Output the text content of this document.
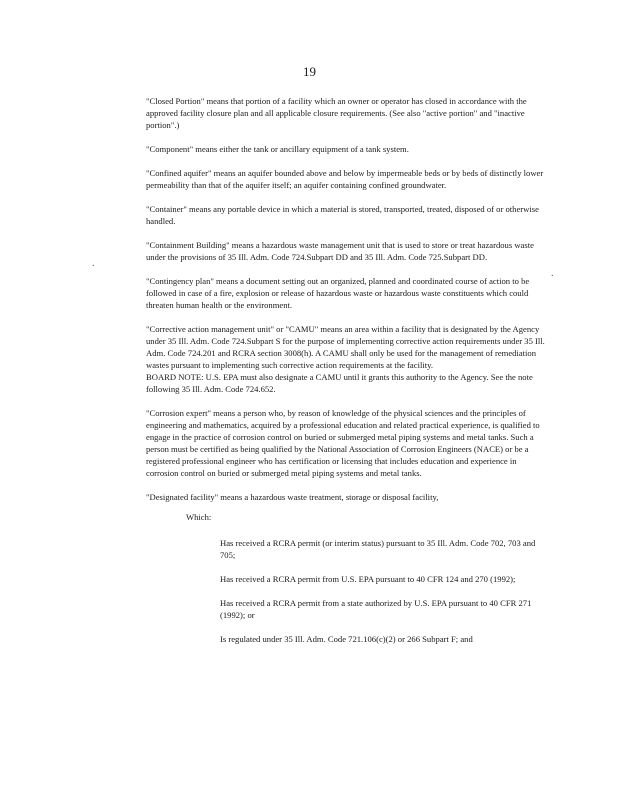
19
.
.

"Closed Portion" means that portion of a facility which an owner or operator has closed in accordance with the approved facility closure plan and all applicable closure requirements. (See also "active portion" and "inactive portion".)

"Component" means either the tank or ancillary equipment of a tank system.

"Confined aquifer" means an aquifer bounded above and below by impermeable beds or by beds of distinctly lower permeability than that of the aquifer itself; an aquifer containing confined groundwater.

"Container" means any portable device in which a material is stored, transported, treated, disposed of or otherwise handled.

"Containment Building" means a hazardous waste management unit that is used to store or treat hazardous waste under the provisions of 35 Ill. Adm. Code 724.Subpart DD and 35 Ill. Adm. Code 725.Subpart DD.

"Contingency plan" means a document setting out an organized, planned and coordinated course of action to be followed in case of a fire, explosion or release of hazardous waste or hazardous waste constituents which could threaten human health or the environment.

"Corrective action management unit" or "CAMU" means an area within a facility that is designated by the Agency under 35 Ill. Adm. Code 724.Subpart S for the purpose of implementing corrective action requirements under 35 Ill. Adm. Code 724.201 and RCRA section 3008(h). A CAMU shall only be used for the management of remediation wastes pursuant to implementing such corrective action requirements at the facility.

BOARD NOTE: U.S. EPA must also designate a CAMU until it grants this authority to the Agency. See the note following 35 Ill. Adm. Code 724.652.

"Corrosion expert" means a person who, by reason of knowledge of the physical sciences and the principles of engineering and mathematics, acquired by a professional education and related practical experience, is qualified to engage in the practice of corrosion control on buried or submerged metal piping systems and metal tanks. Such a person must be certified as being qualified by the National Association of Corrosion Engineers (NACE) or be a registered professional engineer who has certification or licensing that includes education and experience in corrosion control on buried or submerged metal piping systems and metal tanks.

"Designated facility" means a hazardous waste treatment, storage or disposal facility,

Which:
Has received a RCRA permit (or interim status) pursuant to 35 Ill. Adm. Code 702, 703 and 705;
Has received a RCRA permit from U.S. EPA pursuant to 40 CFR 124 and 270 (1992);
Has received a RCRA permit from a state authorized by U.S. EPA pursuant to 40 CFR 271 (1992); or
Is regulated under 35 Ill. Adm. Code 721.106(c)(2) or 266 Subpart F; and
